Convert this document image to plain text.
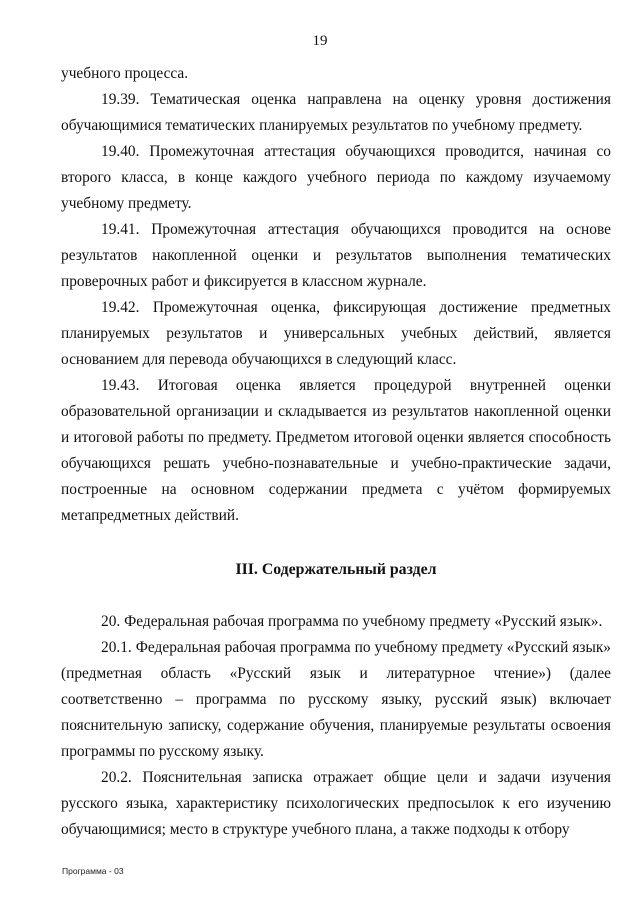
19

учебного процесса.

19.39. Тематическая оценка направлена на оценку уровня достижения обучающимися тематических планируемых результатов по учебному предмету.

19.40. Промежуточная аттестация обучающихся проводится, начиная со второго класса, в конце каждого учебного периода по каждому изучаемому учебному предмету.

19.41. Промежуточная аттестация обучающихся проводится на основе результатов накопленной оценки и результатов выполнения тематических проверочных работ и фиксируется в классном журнале.

19.42. Промежуточная оценка, фиксирующая достижение предметных планируемых результатов и универсальных учебных действий, является основанием для перевода обучающихся в следующий класс.

19.43. Итоговая оценка является процедурой внутренней оценки образовательной организации и складывается из результатов накопленной оценки и итоговой работы по предмету. Предметом итоговой оценки является способность обучающихся решать учебно-познавательные и учебно-практические задачи, построенные на основном содержании предмета с учётом формируемых метапредметных действий.

III. Содержательный раздел

20. Федеральная рабочая программа по учебному предмету «Русский язык».

20.1. Федеральная рабочая программа по учебному предмету «Русский язык» (предметная область «Русский язык и литературное чтение») (далее соответственно – программа по русскому языку, русский язык) включает пояснительную записку, содержание обучения, планируемые результаты освоения программы по русскому языку.

20.2. Пояснительная записка отражает общие цели и задачи изучения русского языка, характеристику психологических предпосылок к его изучению обучающимися; место в структуре учебного плана, а также подходы к отбору

Программа - 03
